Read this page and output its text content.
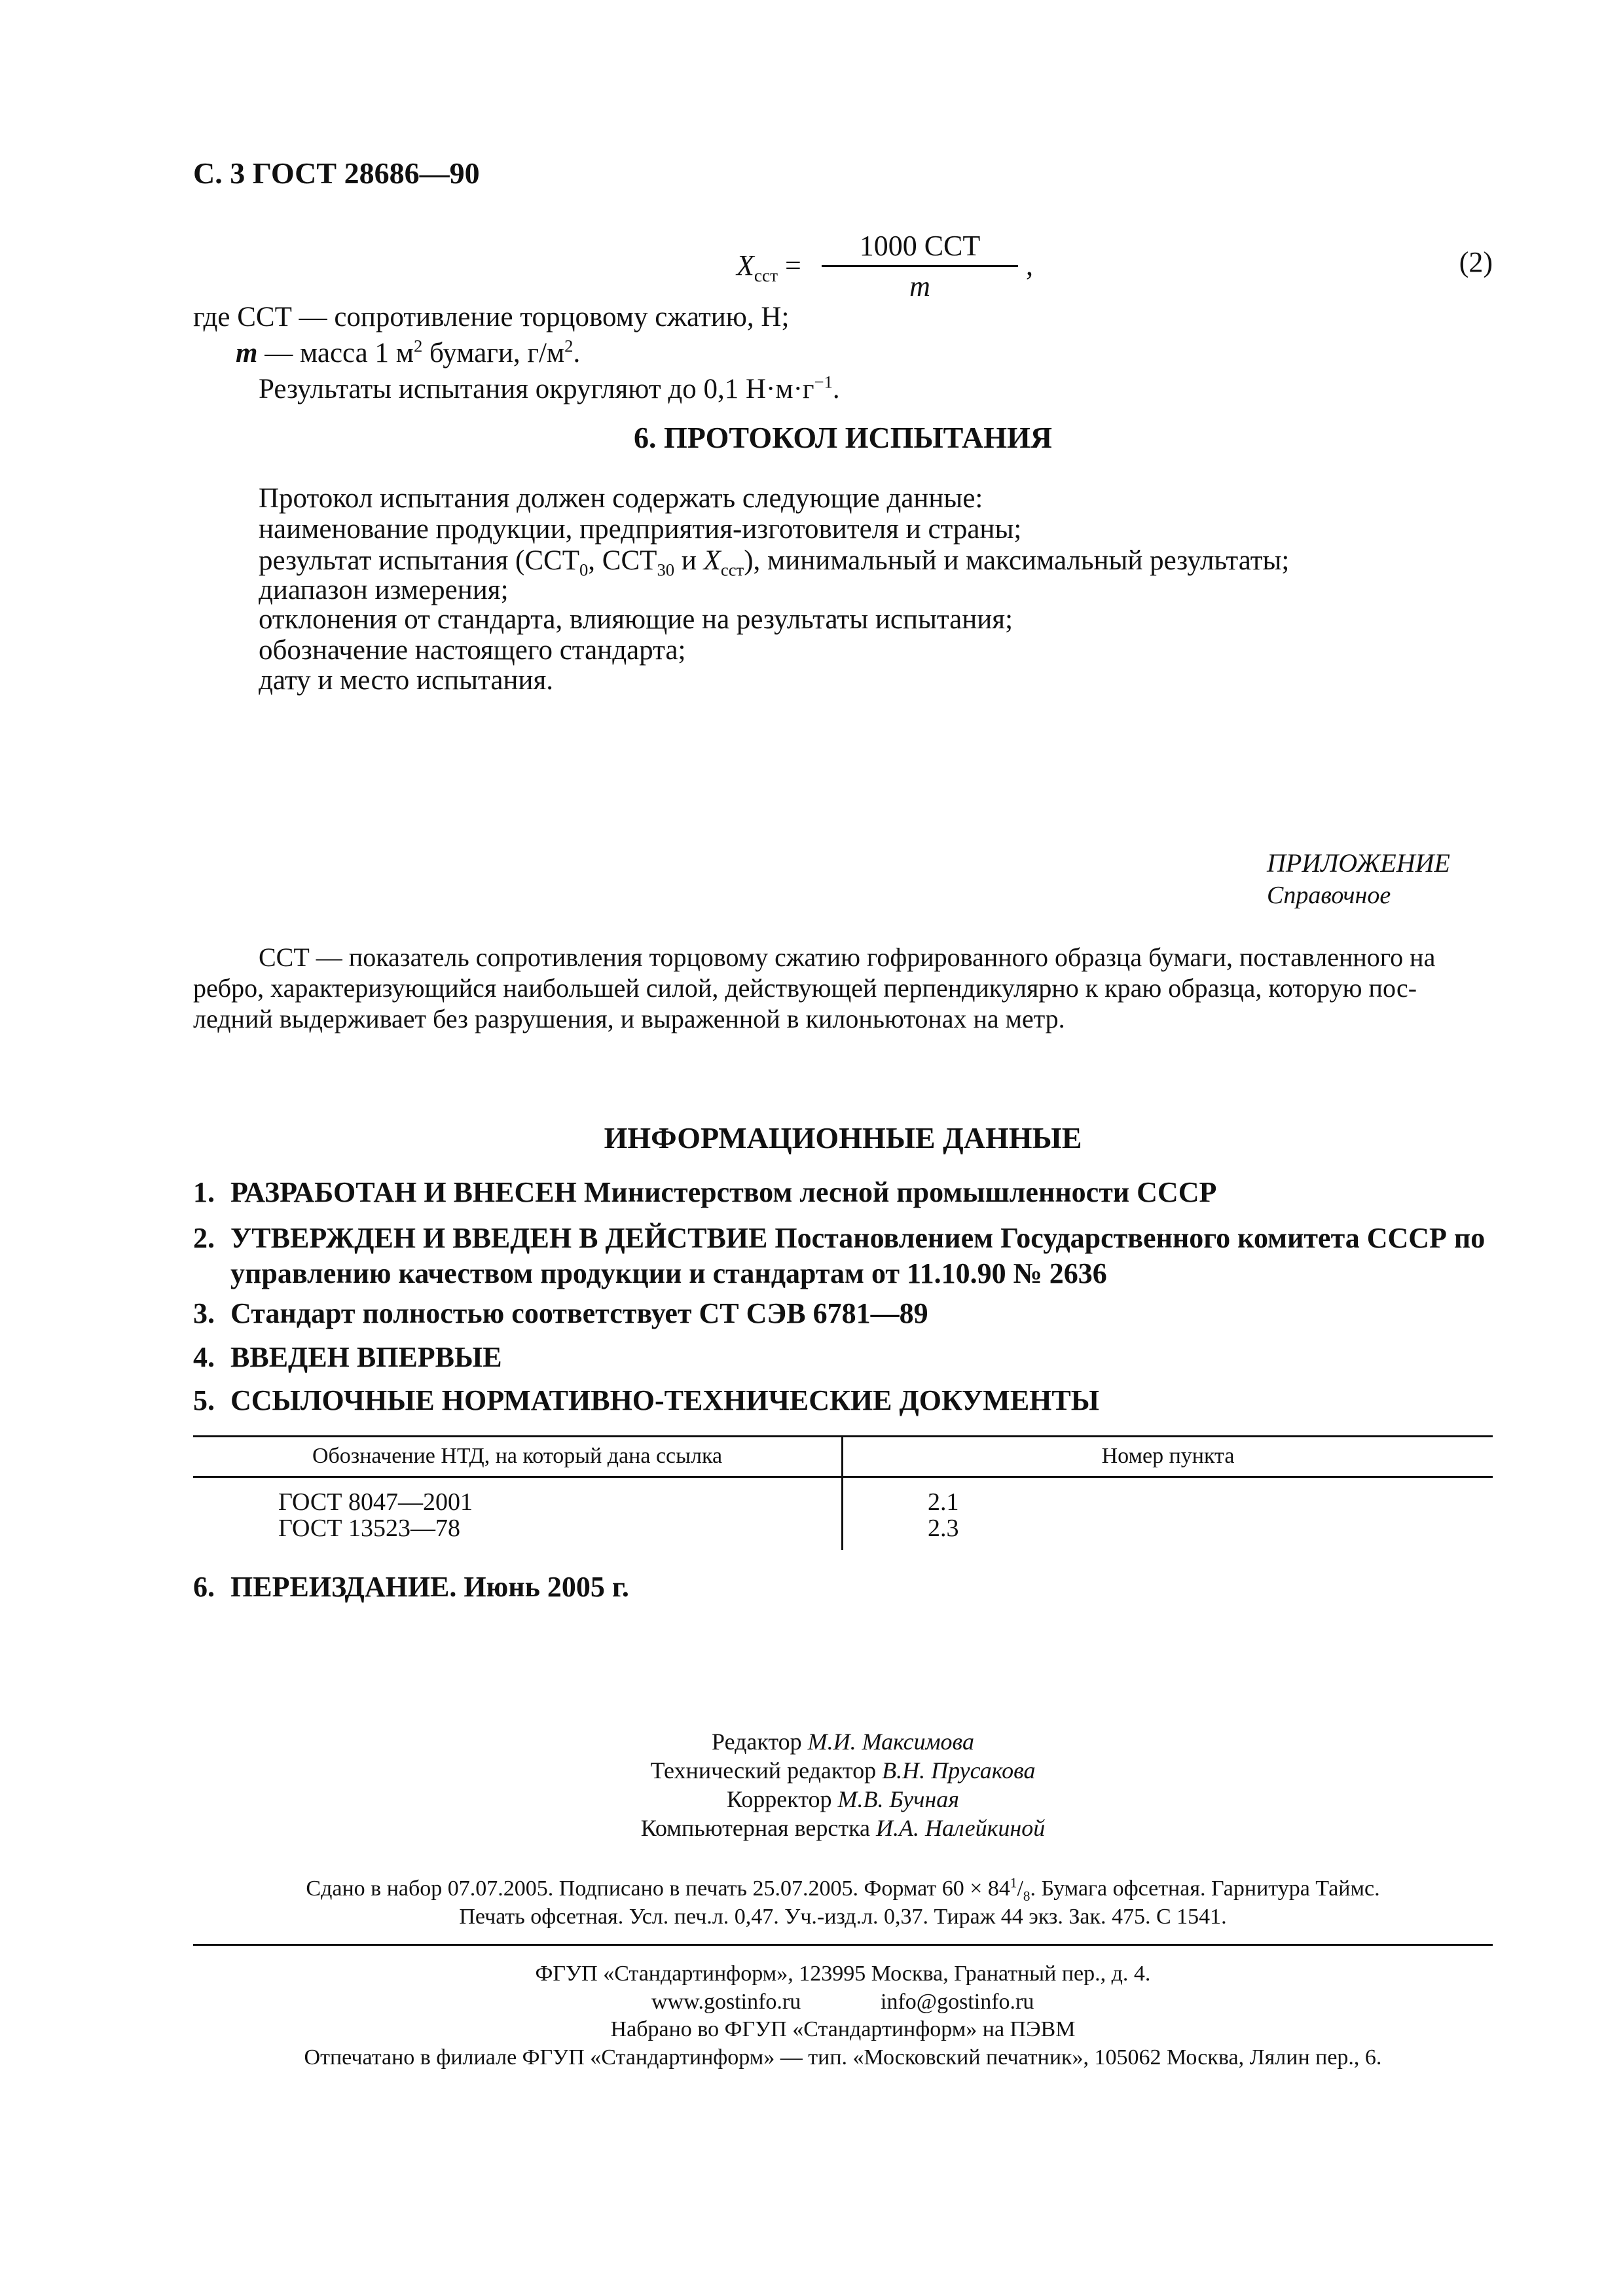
С. 3 ГОСТ 28686—90
$X_{сст}$ =
1000 ССТ
m
,	(2)
где ССТ — сопротивление торцовому сжатию, Н;
m — масса 1 $м^2$ бумаги, $г/м^2$.
Результаты испытания округляют до 0,1 $Н\cdot м\cdot г^{-1}$.
6. ПРОТОКОЛ ИСПЫТАНИЯ
Протокол испытания должен содержать следующие данные:
наименование продукции, предприятия-изготовителя и страны;
результат испытания ($ССТ_0$, $ССТ_{30}$ и $X_{сст}$), минимальный и максимальный результаты;
диапазон измерения;
отклонения от стандарта, влияющие на результаты испытания;
обозначение настоящего стандарта;
дату и место испытания.
ПРИЛОЖЕНИЕ
Справочное
ССТ — показатель сопротивления торцовому сжатию гофрированного образца бумаги, поставленного на
ребро, характеризующийся наибольшей силой, действующей перпендикулярно к краю образца, которую пос-
ледний выдерживает без разрушения, и выраженной в килоньютонах на метр.
ИНФОРМАЦИОННЫЕ ДАННЫЕ
1. РАЗРАБОТАН И ВНЕСЕН Министерством лесной промышленности СССР
2. УТВЕРЖДЕН И ВВЕДЕН В ДЕЙСТВИЕ Постановлением Государственного комитета СССР по
управлению качеством продукции и стандартам от 11.10.90 № 2636
3. Стандарт полностью соответствует СТ СЭВ 6781—89
4. ВВЕДЕН ВПЕРВЫЕ
5. ССЫЛОЧНЫЕ НОРМАТИВНО-ТЕХНИЧЕСКИЕ ДОКУМЕНТЫ
Обозначение НТД, на который дана ссылка	Номер пункта
ГОСТ 8047—2001	2.1
ГОСТ 13523—78	2.3
6. ПЕРЕИЗДАНИЕ. Июнь 2005 г.
Редактор М.И. Максимова
Технический редактор В.Н. Прусакова
Корректор М.В. Бучная
Компьютерная верстка И.А. Налейкиной
Сдано в набор 07.07.2005. Подписано в печать 25.07.2005. Формат $60 \times 84^1/_8$. Бумага офсетная. Гарнитура Таймс.
Печать офсетная. Усл. печ.л. 0,47. Уч.-изд.л. 0,37. Тираж 44 экз. Зак. 475. С 1541.
ФГУП «Стандартинформ», 123995 Москва, Гранатный пер., д. 4.
www.gostinfo.ru	info@gostinfo.ru
Набрано во ФГУП «Стандартинформ» на ПЭВМ
Отпечатано в филиале ФГУП «Стандартинформ» — тип. «Московский печатник», 105062 Москва, Лялин пер., 6.
